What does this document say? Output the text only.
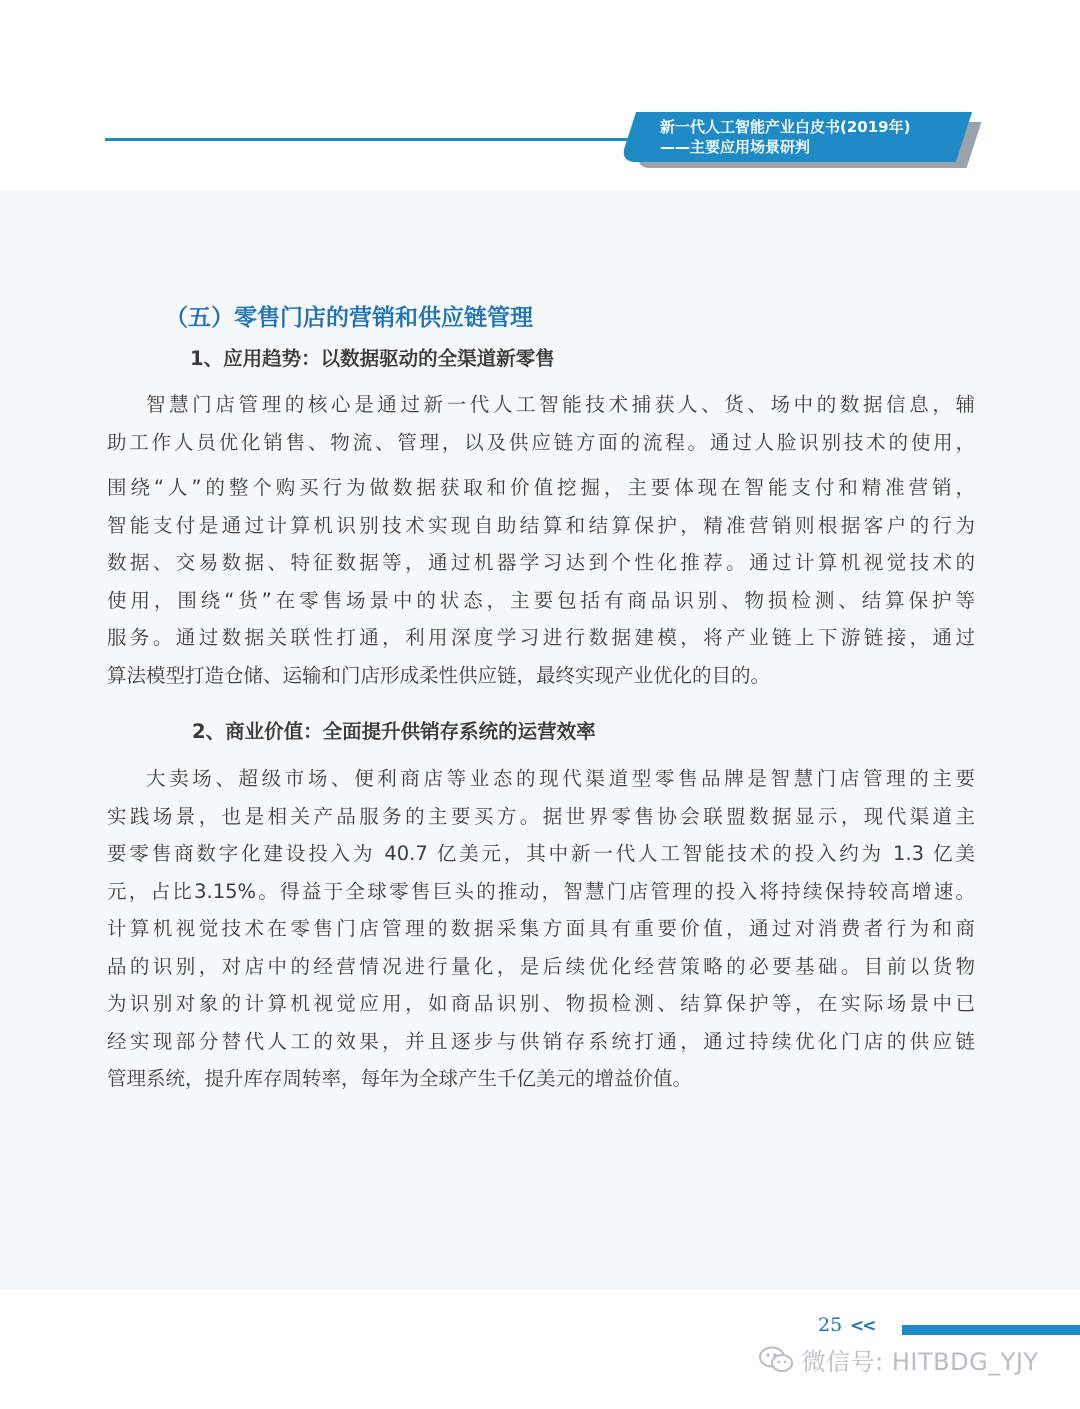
新一代人工智能产业白皮书(2019年)
——主要应用场景研判
（五）零售门店的营销和供应链管理
1、应用趋势：以数据驱动的全渠道新零售
智慧门店管理的核心是通过新一代人工智能技术捕获人、货、场中的数据信息，辅
助工作人员优化销售、物流、管理，以及供应链方面的流程。通过人脸识别技术的使用，
围绕“人”的整个购买行为做数据获取和价值挖掘，主要体现在智能支付和精准营销，
智能支付是通过计算机识别技术实现自助结算和结算保护，精准营销则根据客户的行为
数据、交易数据、特征数据等，通过机器学习达到个性化推荐。通过计算机视觉技术的
使用，围绕“货”在零售场景中的状态，主要包括有商品识别、物损检测、结算保护等
服务。通过数据关联性打通，利用深度学习进行数据建模，将产业链上下游链接，通过
算法模型打造仓储、运输和门店形成柔性供应链，最终实现产业优化的目的。
2、商业价值：全面提升供销存系统的运营效率
大卖场、超级市场、便利商店等业态的现代渠道型零售品牌是智慧门店管理的主要
实践场景，也是相关产品服务的主要买方。据世界零售协会联盟数据显示，现代渠道主
要零售商数字化建设投入为 40.7 亿美元，其中新一代人工智能技术的投入约为 1.3 亿美
元，占比3.15%。得益于全球零售巨头的推动，智慧门店管理的投入将持续保持较高增速。
计算机视觉技术在零售门店管理的数据采集方面具有重要价值，通过对消费者行为和商
品的识别，对店中的经营情况进行量化，是后续优化经营策略的必要基础。目前以货物
为识别对象的计算机视觉应用，如商品识别、物损检测、结算保护等，在实际场景中已
经实现部分替代人工的效果，并且逐步与供销存系统打通，通过持续优化门店的供应链
管理系统，提升库存周转率，每年为全球产生千亿美元的增益价值。
25 <<
微信号: HITBDG_YJY
